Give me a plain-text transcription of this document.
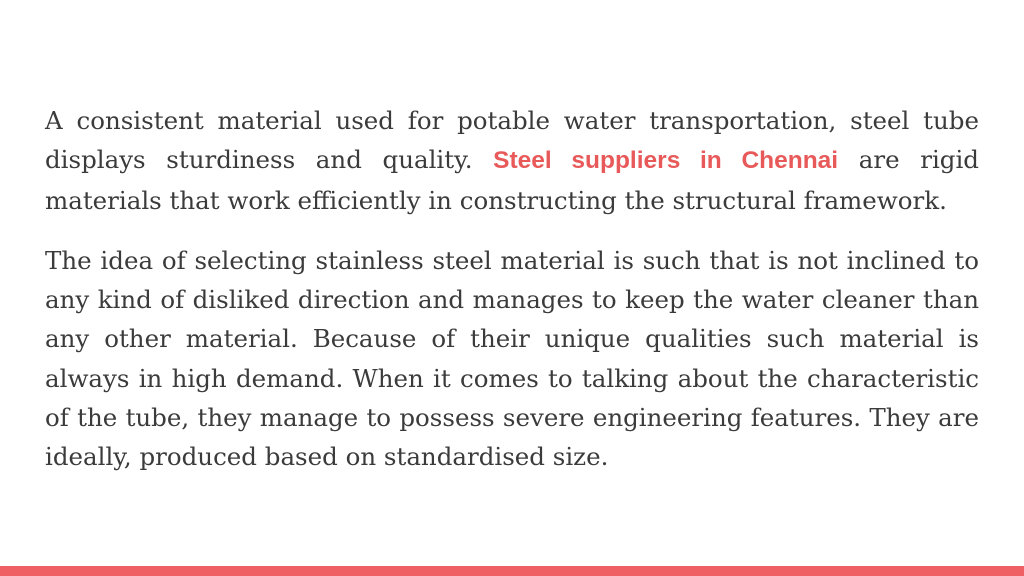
A consistent material used for potable water transportation, steel tube displays sturdiness and quality. Steel suppliers in Chennai are rigid materials that work efficiently in constructing the structural framework.

The idea of selecting stainless steel material is such that is not inclined to any kind of disliked direction and manages to keep the water cleaner than any other material. Because of their unique qualities such material is always in high demand. When it comes to talking about the characteristic of the tube, they manage to possess severe engineering features. They are ideally, produced based on standardised size.
